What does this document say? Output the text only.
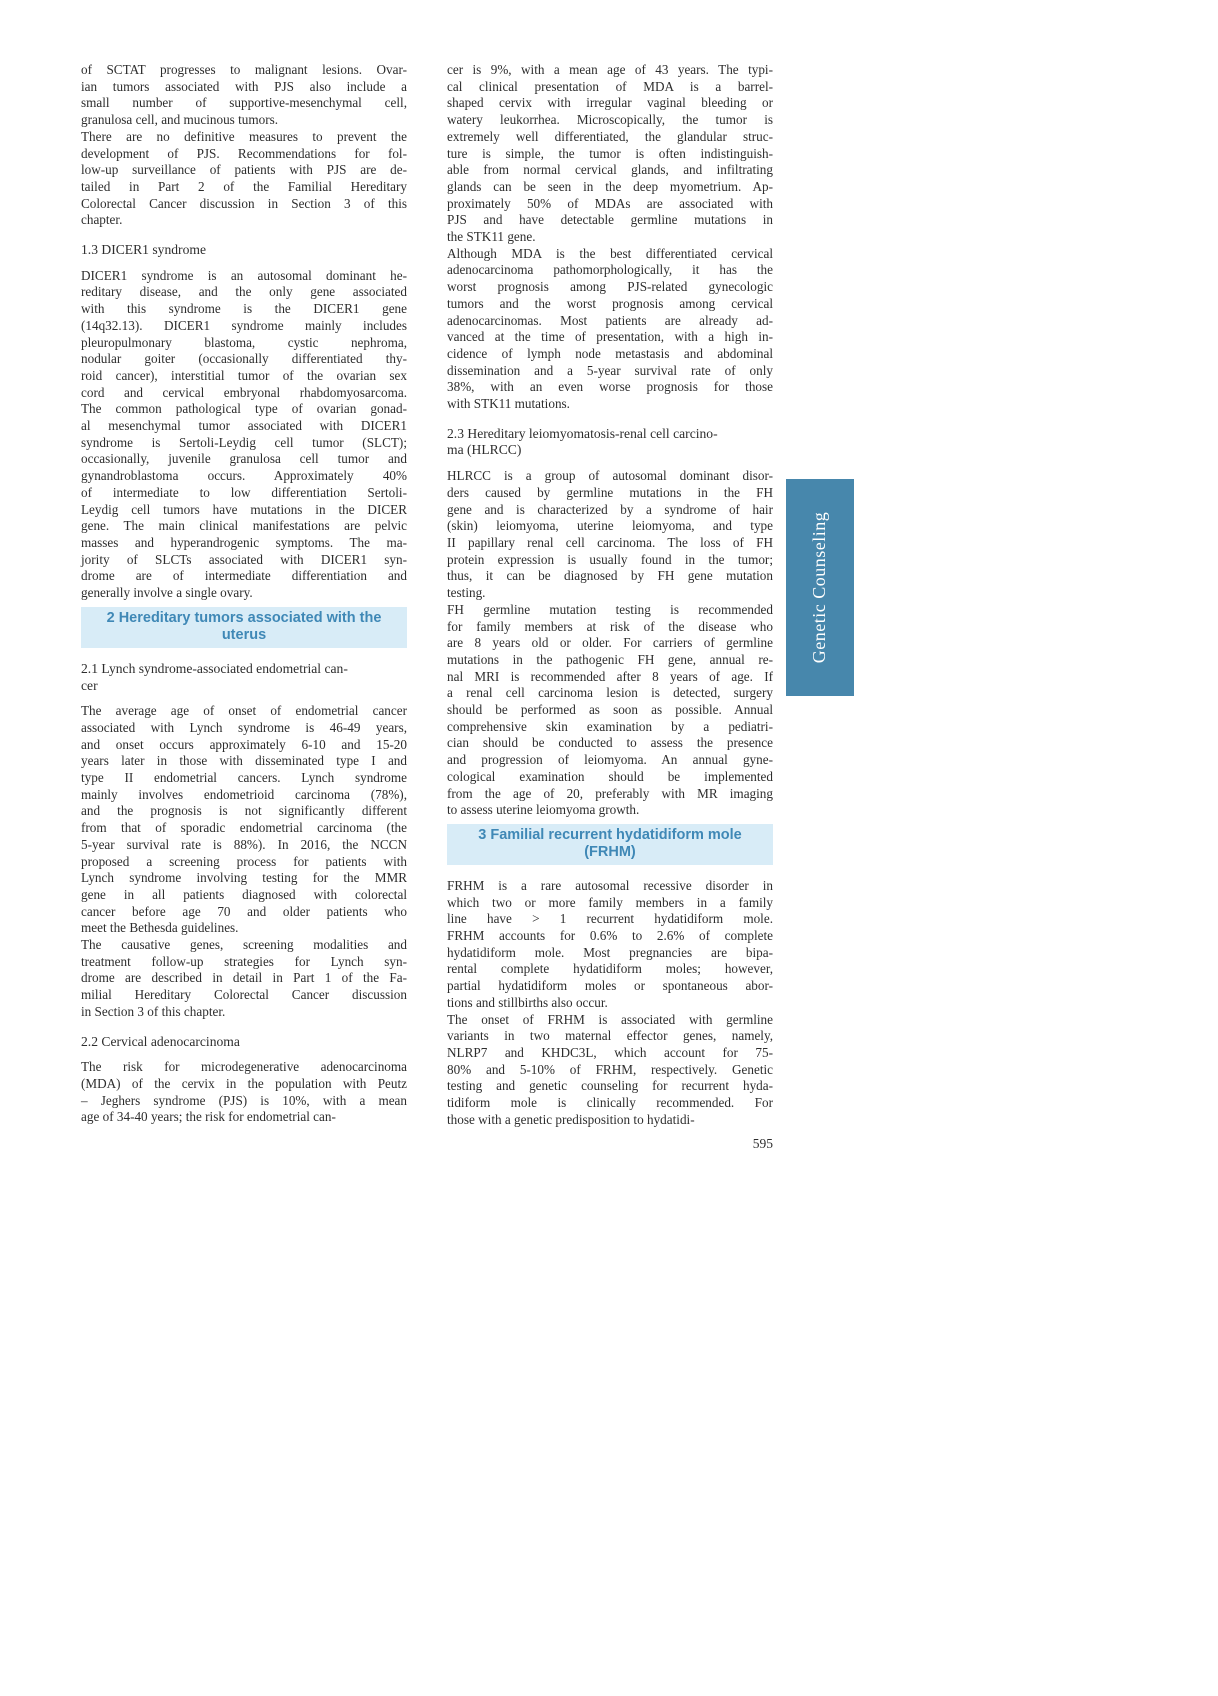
of SCTAT progresses to malignant lesions. Ovar-
ian tumors associated with PJS also include a
small number of supportive-mesenchymal cell,
granulosa cell, and mucinous tumors.
There are no definitive measures to prevent the
development of PJS. Recommendations for fol-
low-up surveillance of patients with PJS are de-
tailed in Part 2 of the Familial Hereditary
Colorectal Cancer discussion in Section 3 of this
chapter.
1.3 DICER1 syndrome
DICER1 syndrome is an autosomal dominant he-
reditary disease, and the only gene associated
with this syndrome is the DICER1 gene
(14q32.13). DICER1 syndrome mainly includes
pleuropulmonary blastoma, cystic nephroma,
nodular goiter (occasionally differentiated thy-
roid cancer), interstitial tumor of the ovarian sex
cord and cervical embryonal rhabdomyosarcoma.
The common pathological type of ovarian gonad-
al mesenchymal tumor associated with DICER1
syndrome is Sertoli-Leydig cell tumor (SLCT);
occasionally, juvenile granulosa cell tumor and
gynandroblastoma occurs. Approximately 40%
of intermediate to low differentiation Sertoli-
Leydig cell tumors have mutations in the DICER
gene. The main clinical manifestations are pelvic
masses and hyperandrogenic symptoms. The ma-
jority of SLCTs associated with DICER1 syn-
drome are of intermediate differentiation and
generally involve a single ovary.
2 Hereditary tumors associated with the
uterus
2.1 Lynch syndrome-associated endometrial can-
cer
The average age of onset of endometrial cancer
associated with Lynch syndrome is 46-49 years,
and onset occurs approximately 6-10 and 15-20
years later in those with disseminated type I and
type II endometrial cancers. Lynch syndrome
mainly involves endometrioid carcinoma (78%),
and the prognosis is not significantly different
from that of sporadic endometrial carcinoma (the
5-year survival rate is 88%). In 2016, the NCCN
proposed a screening process for patients with
Lynch syndrome involving testing for the MMR
gene in all patients diagnosed with colorectal
cancer before age 70 and older patients who
meet the Bethesda guidelines.
The causative genes, screening modalities and
treatment follow-up strategies for Lynch syn-
drome are described in detail in Part 1 of the Fa-
milial Hereditary Colorectal Cancer discussion
in Section 3 of this chapter.
2.2 Cervical adenocarcinoma
The risk for microdegenerative adenocarcinoma
(MDA) of the cervix in the population with Peutz
– Jeghers syndrome (PJS) is 10%, with a mean
age of 34-40 years; the risk for endometrial can-
cer is 9%, with a mean age of 43 years. The typi-
cal clinical presentation of MDA is a barrel-
shaped cervix with irregular vaginal bleeding or
watery leukorrhea. Microscopically, the tumor is
extremely well differentiated, the glandular struc-
ture is simple, the tumor is often indistinguish-
able from normal cervical glands, and infiltrating
glands can be seen in the deep myometrium. Ap-
proximately 50% of MDAs are associated with
PJS and have detectable germline mutations in
the STK11 gene.
Although MDA is the best differentiated cervical
adenocarcinoma pathomorphologically, it has the
worst prognosis among PJS-related gynecologic
tumors and the worst prognosis among cervical
adenocarcinomas. Most patients are already ad-
vanced at the time of presentation, with a high in-
cidence of lymph node metastasis and abdominal
dissemination and a 5-year survival rate of only
38%, with an even worse prognosis for those
with STK11 mutations.
2.3 Hereditary leiomyomatosis-renal cell carcino-
ma (HLRCC)
HLRCC is a group of autosomal dominant disor-
ders caused by germline mutations in the FH
gene and is characterized by a syndrome of hair
(skin) leiomyoma, uterine leiomyoma, and type
II papillary renal cell carcinoma. The loss of FH
protein expression is usually found in the tumor;
thus, it can be diagnosed by FH gene mutation
testing.
FH germline mutation testing is recommended
for family members at risk of the disease who
are 8 years old or older. For carriers of germline
mutations in the pathogenic FH gene, annual re-
nal MRI is recommended after 8 years of age. If
a renal cell carcinoma lesion is detected, surgery
should be performed as soon as possible. Annual
comprehensive skin examination by a pediatri-
cian should be conducted to assess the presence
and progression of leiomyoma. An annual gyne-
cological examination should be implemented
from the age of 20, preferably with MR imaging
to assess uterine leiomyoma growth.
3 Familial recurrent hydatidiform mole
(FRHM)
FRHM is a rare autosomal recessive disorder in
which two or more family members in a family
line have > 1 recurrent hydatidiform mole.
FRHM accounts for 0.6% to 2.6% of complete
hydatidiform mole. Most pregnancies are bipa-
rental complete hydatidiform moles; however,
partial hydatidiform moles or spontaneous abor-
tions and stillbirths also occur.
The onset of FRHM is associated with germline
variants in two maternal effector genes, namely,
NLRP7 and KHDC3L, which account for 75-
80% and 5-10% of FRHM, respectively. Genetic
testing and genetic counseling for recurrent hyda-
tidiform mole is clinically recommended. For
those with a genetic predisposition to hydatidi-
Genetic Counseling
595
